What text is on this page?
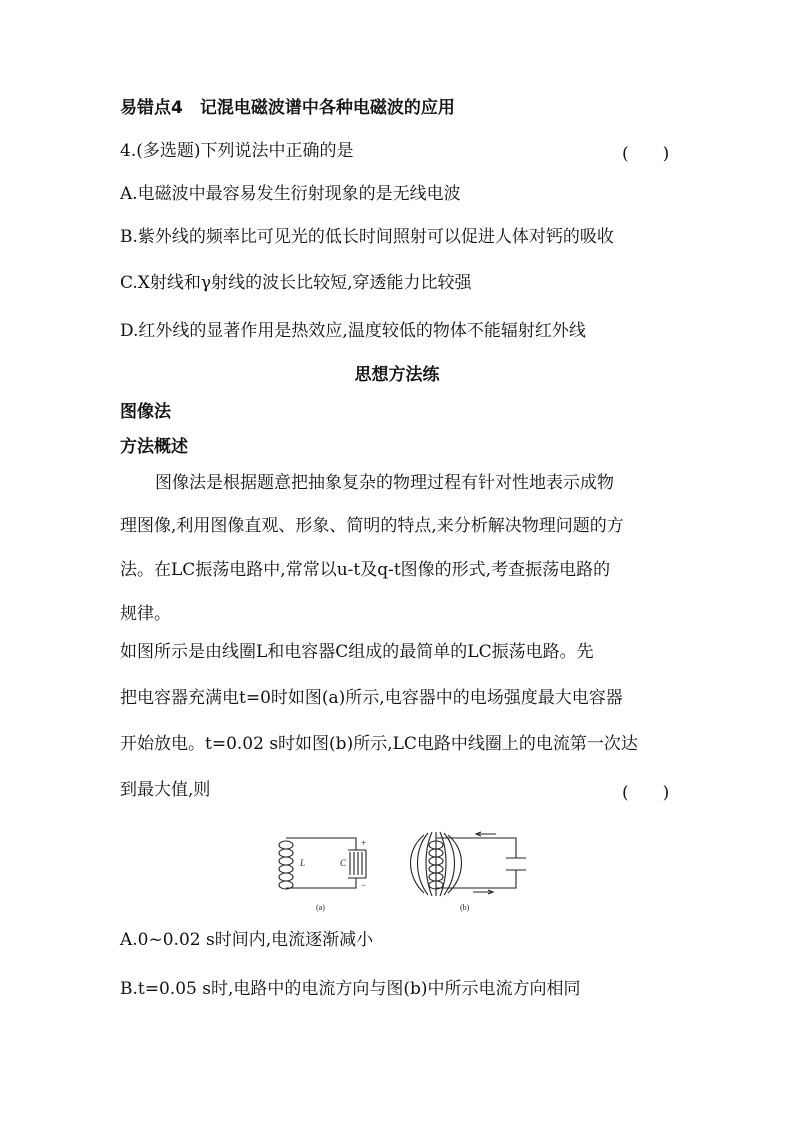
易错点4　记混电磁波谱中各种电磁波的应用
4.(多选题)下列说法中正确的是	(　　)
A.电磁波中最容易发生衍射现象的是无线电波
B.紫外线的频率比可见光的低长时间照射可以促进人体对钙的吸收
C.X射线和γ射线的波长比较短,穿透能力比较强
D.红外线的显著作用是热效应,温度较低的物体不能辐射红外线
思想方法练
图像法
方法概述
图像法是根据题意把抽象复杂的物理过程有针对性地表示成物
理图像,利用图像直观、形象、简明的特点,来分析解决物理问题的方
法。在LC振荡电路中,常常以u-t及q-t图像的形式,考查振荡电路的
规律。
如图所示是由线圈L和电容器C组成的最简单的LC振荡电路。先
把电容器充满电t=0时如图(a)所示,电容器中的电场强度最大电容器
开始放电。t=0.02 s时如图(b)所示,LC电路中线圈上的电流第一次达
到最大值,则	(　　)
L	C
+
−
(a)	(b)
A.0~0.02 s时间内,电流逐渐减小
B.t=0.05 s时,电路中的电流方向与图(b)中所示电流方向相同
